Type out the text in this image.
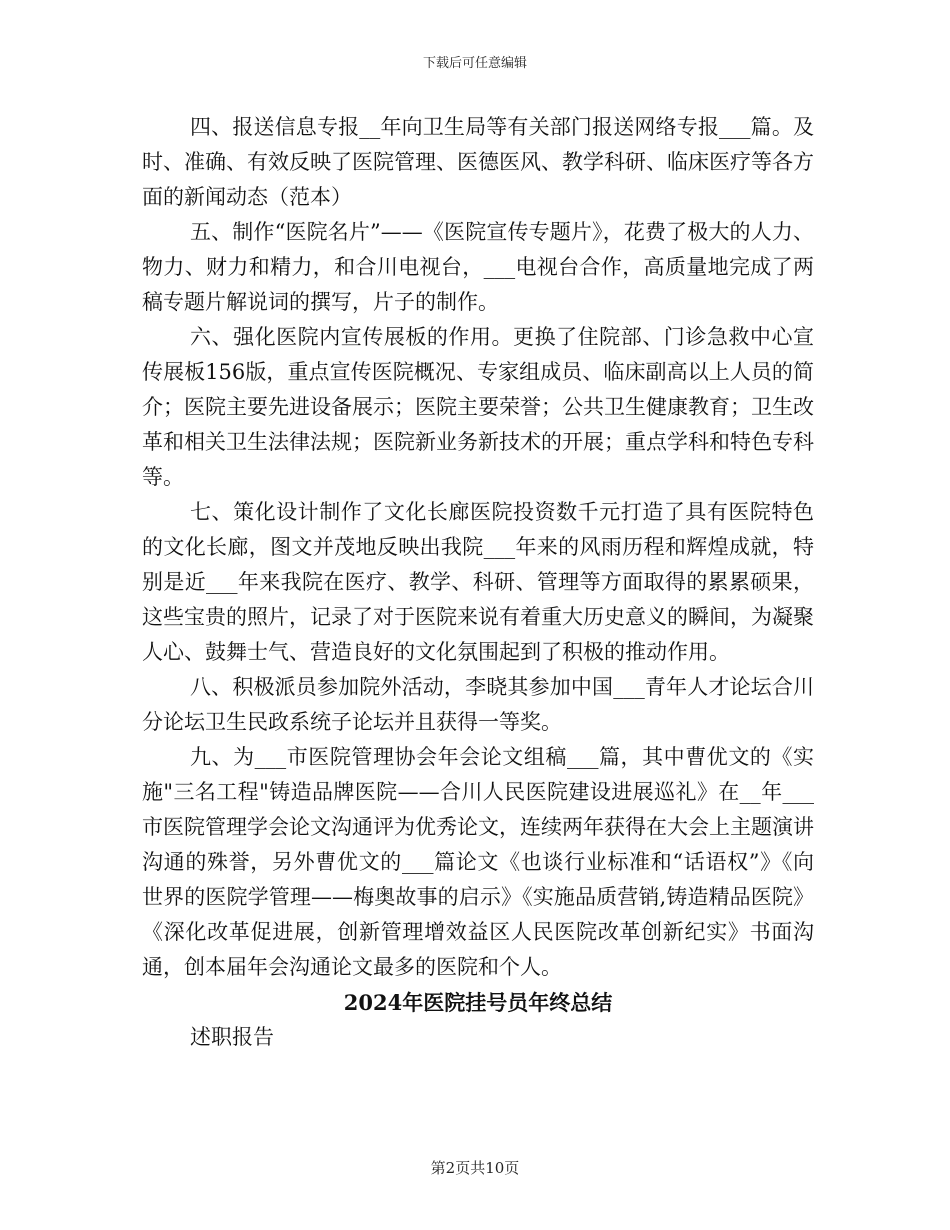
下载后可任意编辑

四、报送信息专报__年向卫生局等有关部门报送网络专报___篇。及时、准确、有效反映了医院管理、医德医风、教学科研、临床医疗等各方面的新闻动态（范本）

五、制作“医院名片”——《医院宣传专题片》，花费了极大的人力、物力、财力和精力，和合川电视台，___电视台合作，高质量地完成了两稿专题片解说词的撰写，片子的制作。

六、强化医院内宣传展板的作用。更换了住院部、门诊急救中心宣传展板156版，重点宣传医院概况、专家组成员、临床副高以上人员的简介；医院主要先进设备展示；医院主要荣誉；公共卫生健康教育；卫生改革和相关卫生法律法规；医院新业务新技术的开展；重点学科和特色专科等。

七、策化设计制作了文化长廊医院投资数千元打造了具有医院特色的文化长廊，图文并茂地反映出我院___年来的风雨历程和辉煌成就，特别是近___年来我院在医疗、教学、科研、管理等方面取得的累累硕果，这些宝贵的照片，记录了对于医院来说有着重大历史意义的瞬间，为凝聚人心、鼓舞士气、营造良好的文化氛围起到了积极的推动作用。

八、积极派员参加院外活动，李晓其参加中国___青年人才论坛合川分论坛卫生民政系统子论坛并且获得一等奖。

九、为___市医院管理协会年会论文组稿___篇，其中曹优文的《实施"三名工程"铸造品牌医院——合川人民医院建设进展巡礼》在__年___市医院管理学会论文沟通评为优秀论文，连续两年获得在大会上主题演讲沟通的殊誉，另外曹优文的___篇论文《也谈行业标准和“话语权”》《向世界的医院学管理——梅奥故事的启示》《实施品质营销,铸造精品医院》《深化改革促进展，创新管理增效益区人民医院改革创新纪实》书面沟通，创本届年会沟通论文最多的医院和个人。

2024年医院挂号员年终总结

述职报告

第2页共10页
